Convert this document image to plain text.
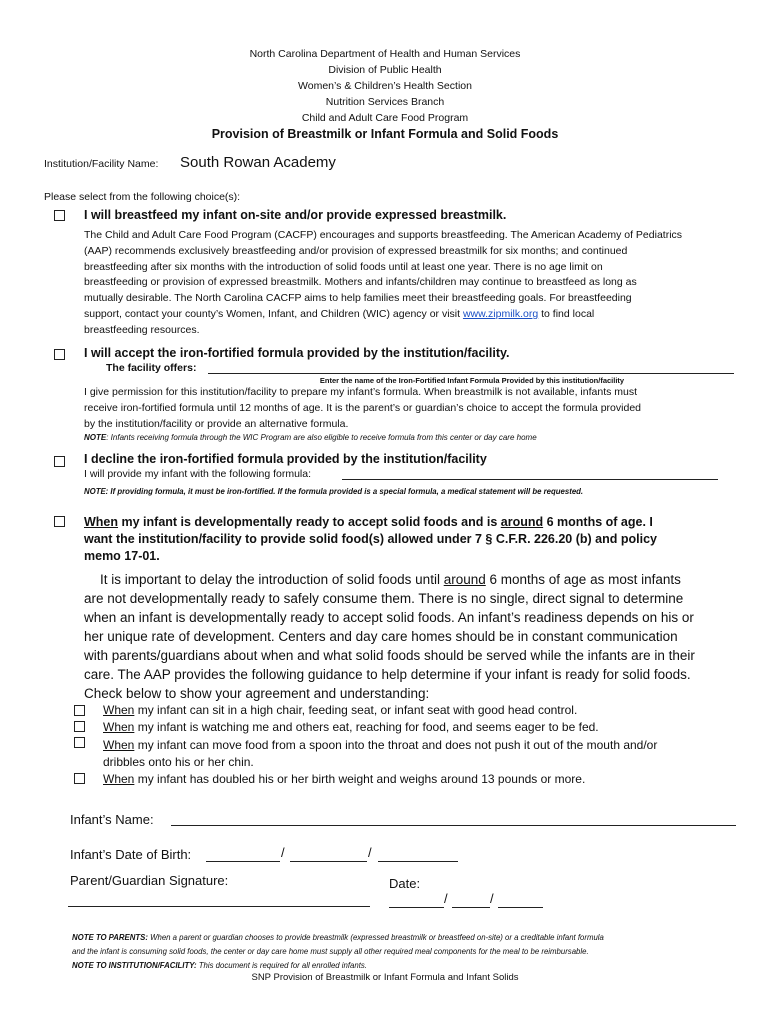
North Carolina Department of Health and Human Services
Division of Public Health
Women’s & Children’s Health Section
Nutrition Services Branch
Child and Adult Care Food Program
Provision of Breastmilk or Infant Formula and Solid Foods
Institution/Facility Name: South Rowan Academy
Please select from the following choice(s):
I will breastfeed my infant on-site and/or provide expressed breastmilk.
The Child and Adult Care Food Program (CACFP) encourages and supports breastfeeding. The American Academy of Pediatrics
(AAP) recommends exclusively breastfeeding and/or provision of expressed breastmilk for six months; and continued
breastfeeding after six months with the introduction of solid foods until at least one year. There is no age limit on
breastfeeding or provision of expressed breastmilk. Mothers and infants/children may continue to breastfeed as long as
mutually desirable. The North Carolina CACFP aims to help families meet their breastfeeding goals. For breastfeeding
support, contact your county’s Women, Infant, and Children (WIC) agency or visit www.zipmilk.org to find local
breastfeeding resources.
I will accept the iron-fortified formula provided by the institution/facility.
The facility offers:
Enter the name of the Iron-Fortified Infant Formula Provided by this institution/facility
I give permission for this institution/facility to prepare my infant’s formula. When breastmilk is not available, infants must
receive iron-fortified formula until 12 months of age. It is the parent’s or guardian’s choice to accept the formula provided
by the institution/facility or provide an alternative formula.
NOTE: Infants receiving formula through the WIC Program are also eligible to receive formula from this center or day care home
I decline the iron-fortified formula provided by the institution/facility
I will provide my infant with the following formula:
NOTE: If providing formula, it must be iron-fortified. If the formula provided is a special formula, a medical statement will be requested.
When my infant is developmentally ready to accept solid foods and is around 6 months of age. I
want the institution/facility to provide solid food(s) allowed under 7 § C.F.R. 226.20 (b) and policy
memo 17-01.
It is important to delay the introduction of solid foods until around 6 months of age as most infants
are not developmentally ready to safely consume them. There is no single, direct signal to determine
when an infant is developmentally ready to accept solid foods. An infant’s readiness depends on his or
her unique rate of development. Centers and day care homes should be in constant communication
with parents/guardians about when and what solid foods should be served while the infants are in their
care. The AAP provides the following guidance to help determine if your infant is ready for solid foods.
Check below to show your agreement and understanding:
When my infant can sit in a high chair, feeding seat, or infant seat with good head control.
When my infant is watching me and others eat, reaching for food, and seems eager to be fed.
When my infant can move food from a spoon into the throat and does not push it out of the mouth and/or
dribbles onto his or her chin.
When my infant has doubled his or her birth weight and weighs around 13 pounds or more.
Infant’s Name:
Infant’s Date of Birth:	/	/
Parent/Guardian Signature:	Date:
/	/
NOTE TO PARENTS: When a parent or guardian chooses to provide breastmilk (expressed breastmilk or breastfeed on-site) or a creditable infant formula
and the infant is consuming solid foods, the center or day care home must supply all other required meal components for the meal to be reimbursable.
NOTE TO INSTITUTION/FACILITY: This document is required for all enrolled infants.
SNP Provision of Breastmilk or Infant Formula and Infant Solids
